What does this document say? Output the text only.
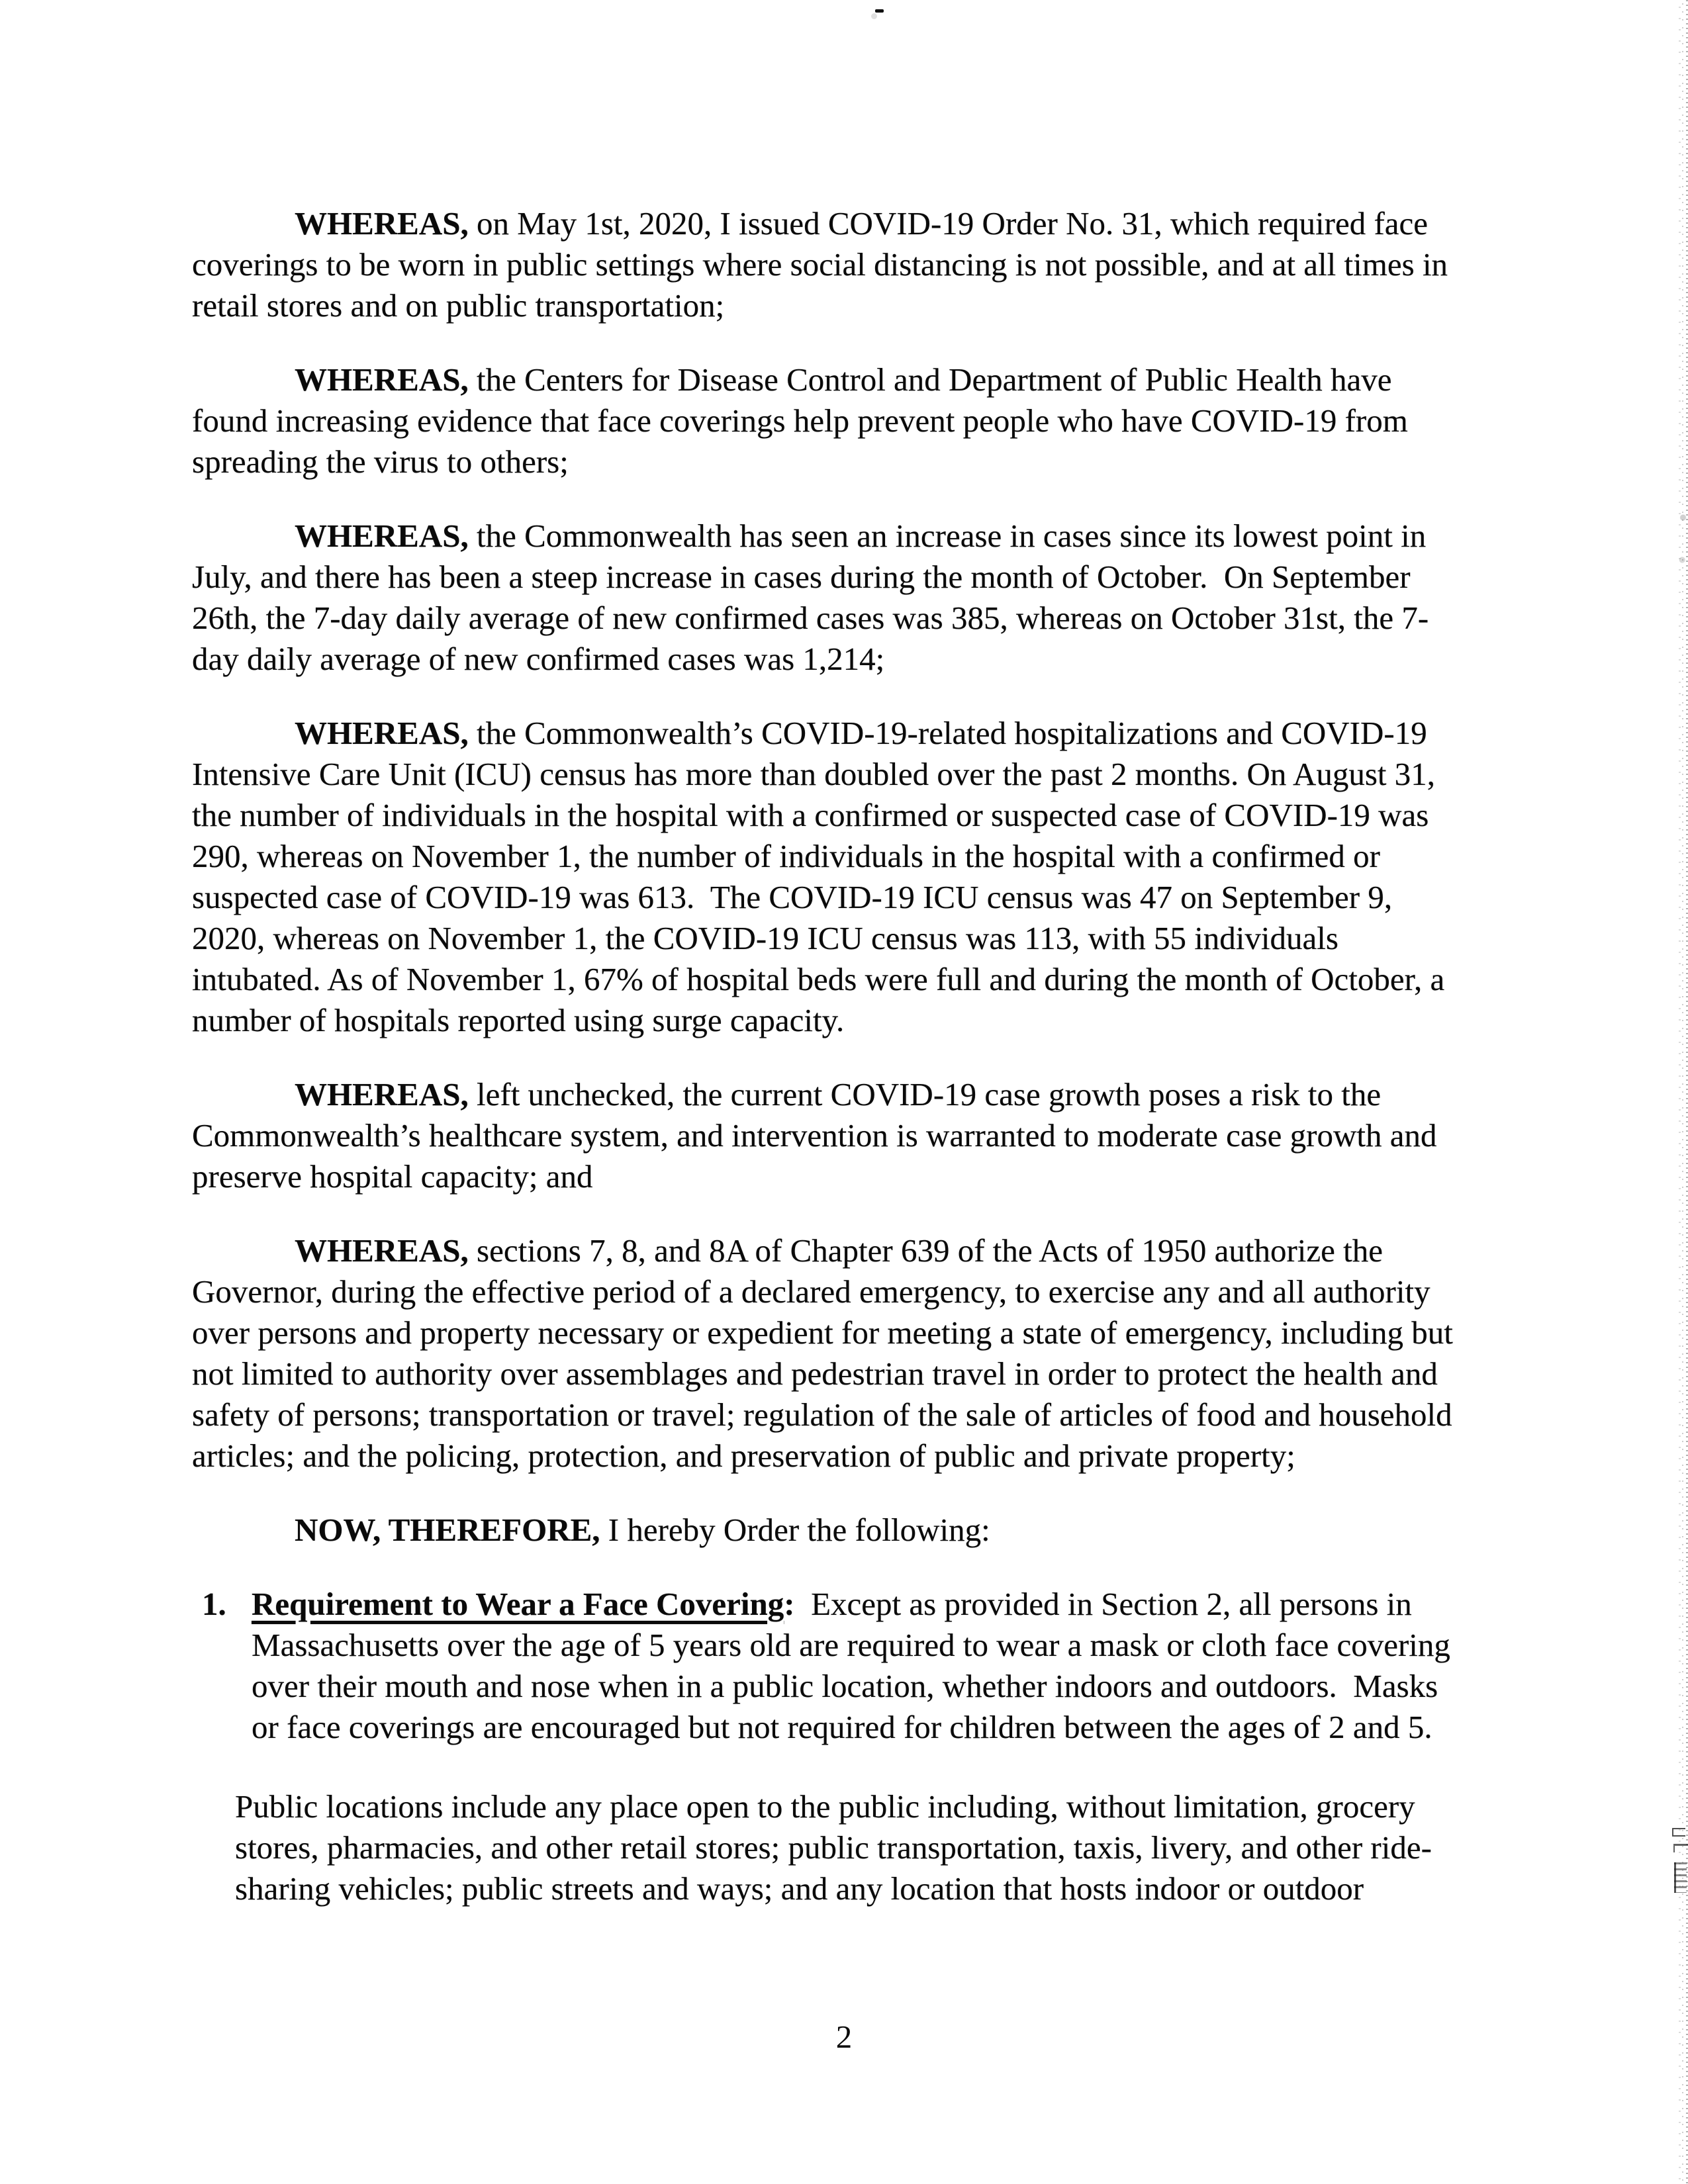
WHEREAS, on May 1st, 2020, I issued COVID-19 Order No. 31, which required face coverings to be worn in public settings where social distancing is not possible, and at all times in retail stores and on public transportation;

WHEREAS, the Centers for Disease Control and Department of Public Health have found increasing evidence that face coverings help prevent people who have COVID-19 from spreading the virus to others;

WHEREAS, the Commonwealth has seen an increase in cases since its lowest point in July, and there has been a steep increase in cases during the month of October.  On September 26th, the 7-day daily average of new confirmed cases was 385, whereas on October 31st, the 7-day daily average of new confirmed cases was 1,214;

WHEREAS, the Commonwealth’s COVID-19-related hospitalizations and COVID-19 Intensive Care Unit (ICU) census has more than doubled over the past 2 months. On August 31, the number of individuals in the hospital with a confirmed or suspected case of COVID-19 was 290, whereas on November 1, the number of individuals in the hospital with a confirmed or suspected case of COVID-19 was 613.  The COVID-19 ICU census was 47 on September 9, 2020, whereas on November 1, the COVID-19 ICU census was 113, with 55 individuals intubated. As of November 1, 67% of hospital beds were full and during the month of October, a number of hospitals reported using surge capacity.

WHEREAS, left unchecked, the current COVID-19 case growth poses a risk to the Commonwealth’s healthcare system, and intervention is warranted to moderate case growth and preserve hospital capacity; and

WHEREAS, sections 7, 8, and 8A of Chapter 639 of the Acts of 1950 authorize the Governor, during the effective period of a declared emergency, to exercise any and all authority over persons and property necessary or expedient for meeting a state of emergency, including but not limited to authority over assemblages and pedestrian travel in order to protect the health and safety of persons; transportation or travel; regulation of the sale of articles of food and household articles; and the policing, protection, and preservation of public and private property;

NOW, THEREFORE, I hereby Order the following:

1. Requirement to Wear a Face Covering:  Except as provided in Section 2, all persons in Massachusetts over the age of 5 years old are required to wear a mask or cloth face covering over their mouth and nose when in a public location, whether indoors and outdoors.  Masks or face coverings are encouraged but not required for children between the ages of 2 and 5.

Public locations include any place open to the public including, without limitation, grocery stores, pharmacies, and other retail stores; public transportation, taxis, livery, and other ride-sharing vehicles; public streets and ways; and any location that hosts indoor or outdoor

2
